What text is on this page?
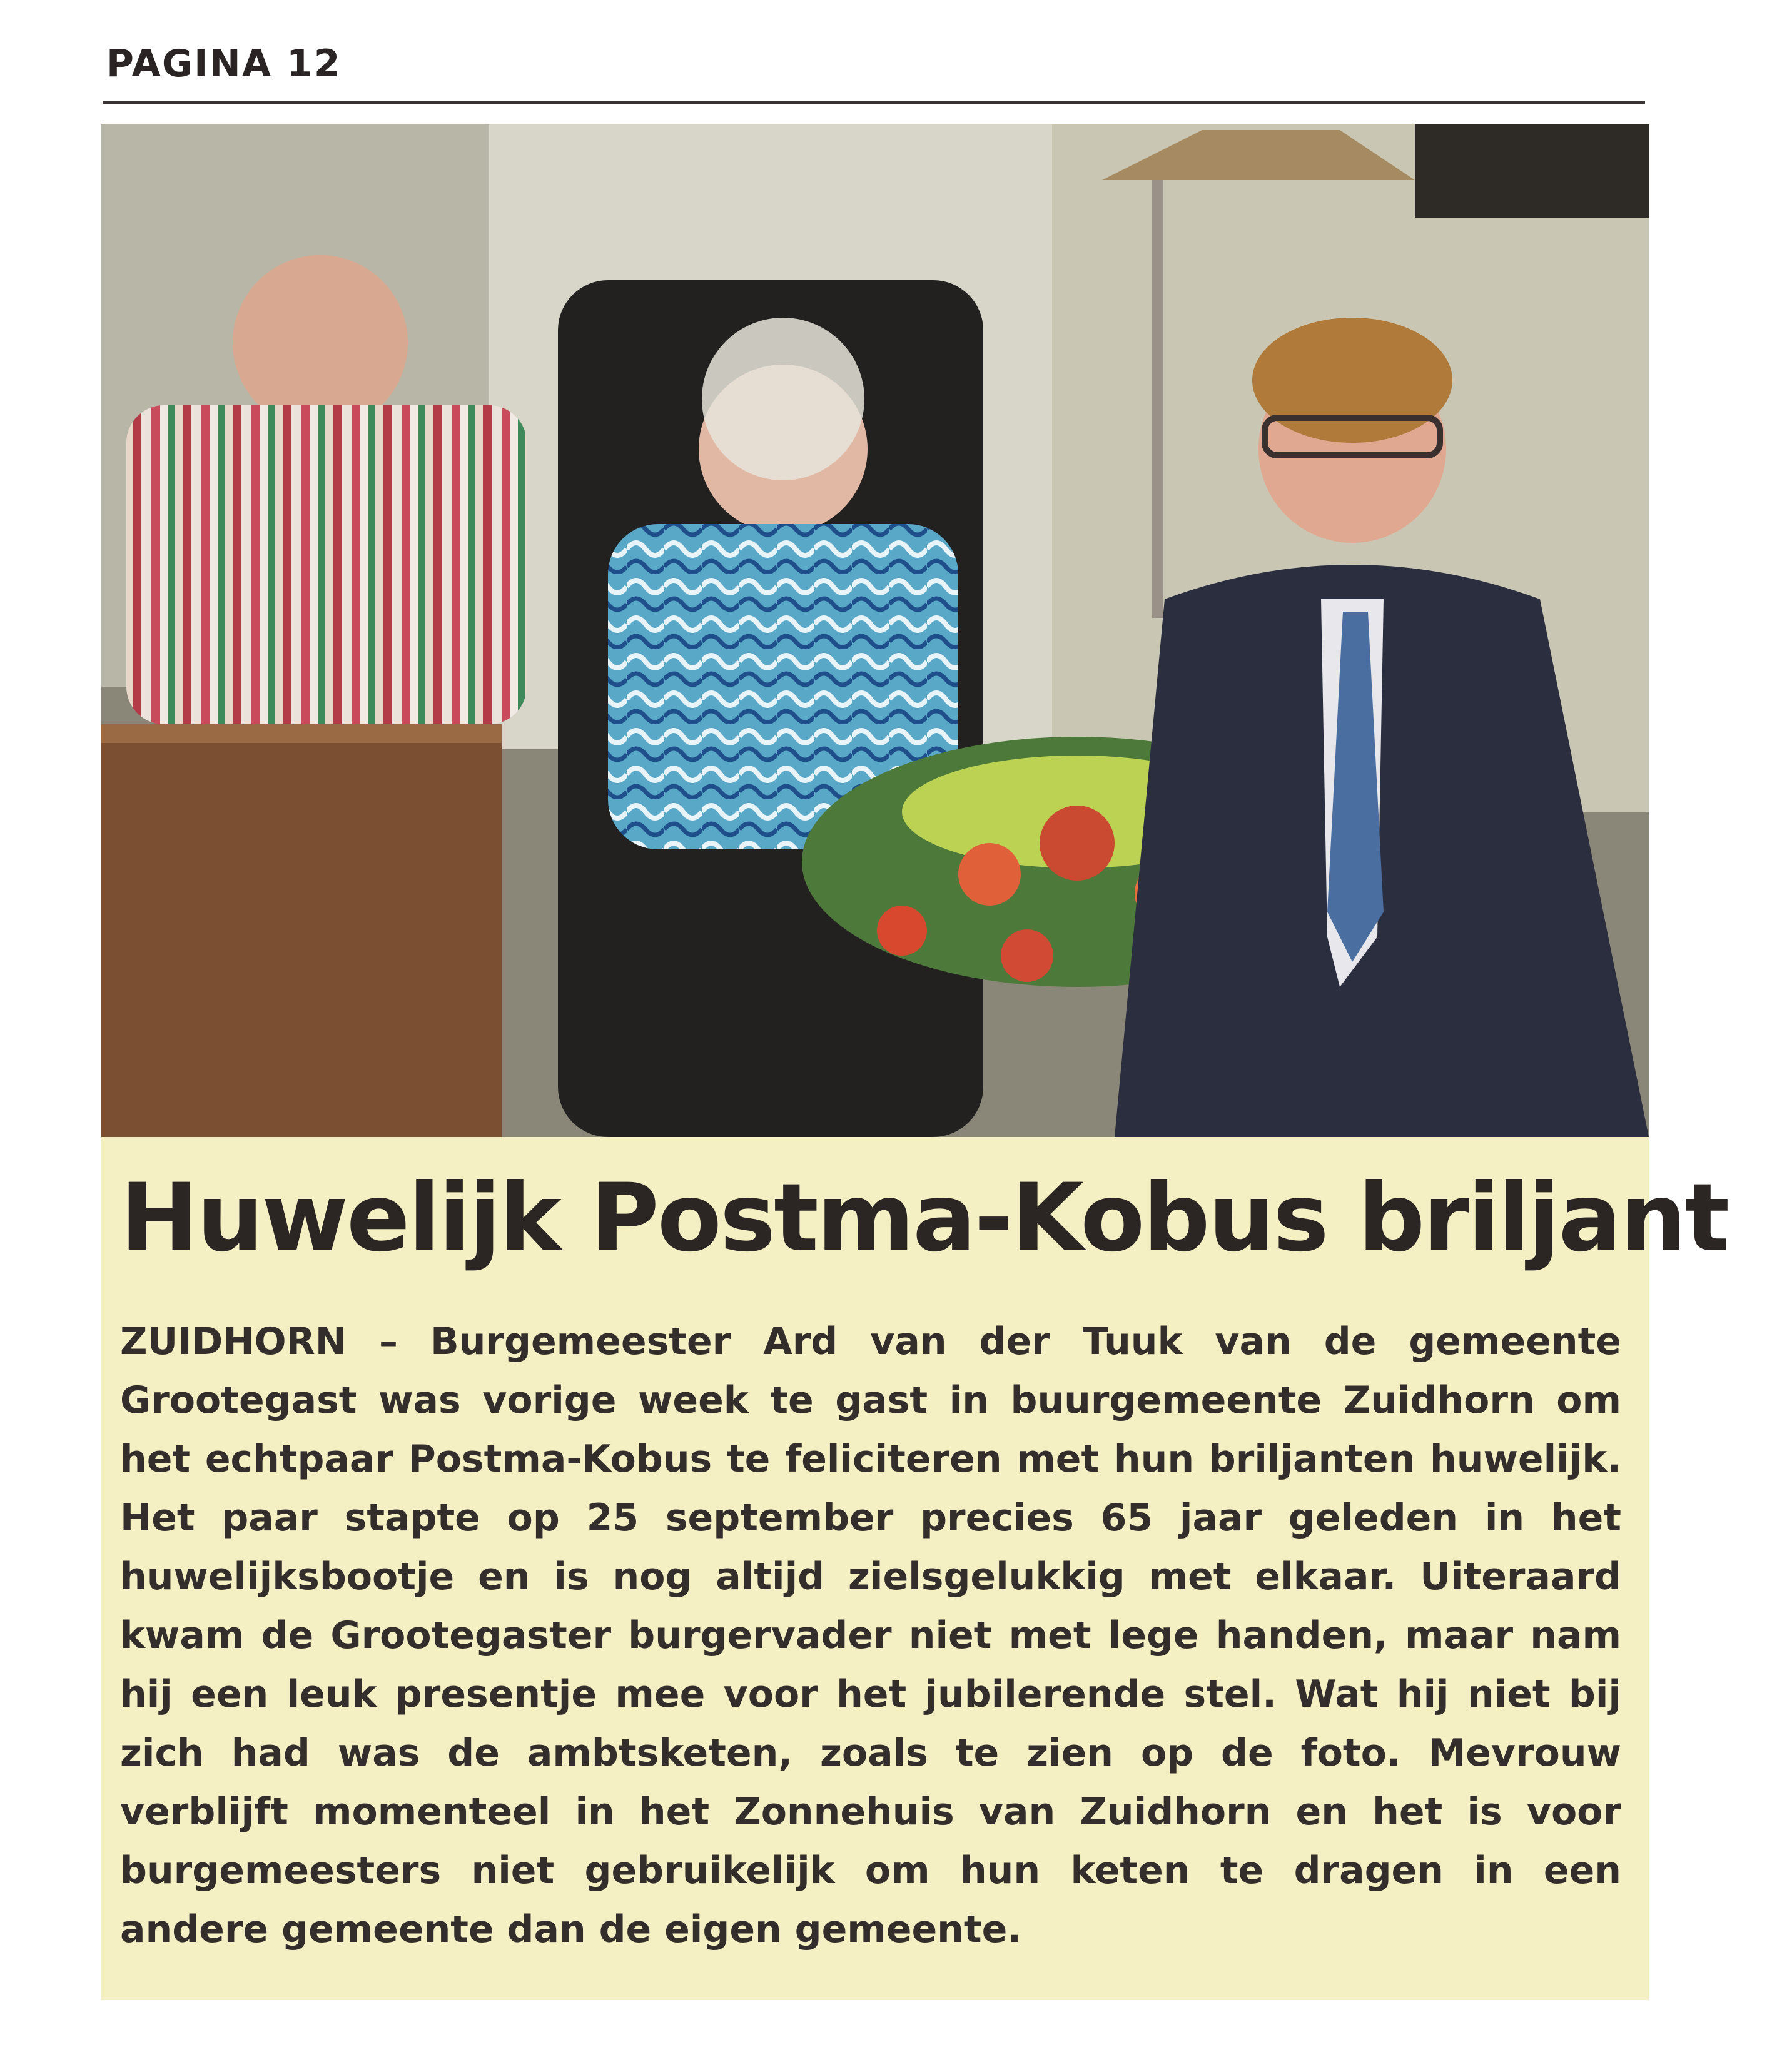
PAGINA 12
Huwelijk Postma-Kobus briljant

ZUIDHORN – Burgemeester Ard van der Tuuk van de gemeente Grootegast was vorige week te gast in buurgemeente Zuidhorn om het echtpaar Postma-Kobus te feliciteren met hun briljanten huwelijk. Het paar stapte op 25 september precies 65 jaar geleden in het huwelijksbootje en is nog altijd zielsgelukkig met elkaar. Uiteraard kwam de Grootegaster burgervader niet met lege handen, maar nam hij een leuk presentje mee voor het jubilerende stel. Wat hij niet bij zich had was de ambtsketen, zoals te zien op de foto. Mevrouw verblijft momenteel in het Zonnehuis van Zuidhorn en het is voor burgemeesters niet gebruikelijk om hun keten te dragen in een andere gemeente dan de eigen gemeente.
